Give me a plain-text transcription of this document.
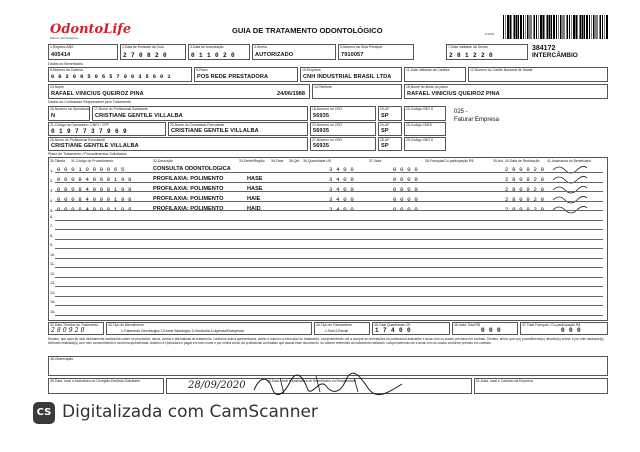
OdontoLife
Planos odontológicos
GUIA DE TRATAMENTO ODONTOLÓGICO	2-GTO
384172
INTERCÂMBIO
1-Registro ANS
405414
2-Data de Emissão da Guia
2 7 0 8 2 0
3-Data de Autorização
0 1 1 0 2 0
4-Senha
AUTORIZADO
5-Número da Guia Principal
7910057
7-Data Validade da Senha
2 8 1 2 2 0
Dados do Beneficiário
8-Número da Carteira
0 0 2 0 0 5 0 6 5 7 0 0 3 5 6 0 1
9-Plano
POS REDE PRESTADORA
10-Empresa
CNH INDUSTRIAL BRASIL LTDA
11-Data Validade da Carteira	12-Número do Cartão Nacional de Saúde
13-Nome
RAFAEL VINICIUS QUEIROZ PINA	24/06/1988
14-Telefone	15-Nome do titular do plano
RAFAEL VINICIUS QUEIROZ PINA
Dados do Contratado Responsável pelo Tratamento
16-Número na Operadora
N
17-Nome do Profissional Solicitante
CRISTIANE GENTILE VILLALBA
18-Número no CRO
56935
19-UF
SP
20-Código CBO S	025 -
Faturar Empresa
21-Código na Operadora / CNPJ / CPF
0 1 9 7 7 3 7 9 6 9
22-Nome do Contratado Executante
CRISTIANE GENTILE VILLALBA
23-Número no CRO
56935
24-UF
SP
25-Código CNES
26-Nome do Profissional Executante
CRISTIANE GENTILE VILLALBA
27-Número no CRO
56935
28-UF
SP
29-Código CBO S
Plano de Tratamento / Procedimentos Solicitados
30-Tabela 31-Código do Procedimento	32-Descrição	33-Dente/Região 34-Face 35-Qtd 36-Quantidade US	37-Valor	38-Franquia/Co-participação R$	39-Aut 40-Data de Realização 41-Assinatura do Beneficiário
1- 0 0 0 1 0 0 0 0 6 5	CONSULTA ODONTOLOGICA	3 4 0 0	0 0 0 0	2 8 0 9 2 0
2- 0 0 0 8 4 0 0 0 1 9 8	PROFILAXIA: POLIMENTO	HASE	3 4 0 0	0 0 0 0	2 8 0 9 2 0
3- 0 0 0 8 4 0 0 0 1 9 8	PROFILAXIA: POLIMENTO	HASE	3 4 0 0	0 0 0 0	2 8 0 9 2 0
4- 0 0 0 8 4 0 0 0 1 9 8	PROFILAXIA: POLIMENTO	HAIE	3 4 0 0	0 0 0 0	2 8 0 9 2 0
5- 0 0 0 8 4 0 0 0 1 9 8	PROFILAXIA: POLIMENTO	HAID	3 4 0 0	0 0 0 0	2 8 0 9 2 0
6-
7-
8-
9-
10-
11-
12-
13-
14-
15-
16-
42-Data Término do Tratamento
2 8 0 9 2 0
43-Tipo de Atendimento
1-Tratamento Odontológico 2-Exame Radiológico 3-Ortodontia 4-Urgência/Emergência
44-Tipo de Faturamento
1-Total 2-Parcial
45-Total Quantidade US
1 7 4 0 0
46-Valor Total R$
0 0 0
47-Total Franquia / Co-participação R$
0 0 0
Declaro, que após ter sido devidamente esclarecido sobre os propósitos, riscos, custos e alternativas de tratamento, conforme acima apresentados, aceito e autorizo a execução do tratamento, comprometendo-me a cumprir as orientações do profissional assistente e arcar com os custos previstos em contrato. Declaro, ainda, que o(s) procedimento(s) descrito(s) acima, e por mim assinado(s), foi/foram realizado(s) com meu consentimento e da forma apresentada. Autorizo a Operadora e pagar em meu nome e por minha conta, ao profissional contratado que assina esse documento, os valores referentes ao tratamento realizado, comprometendo-me a arcar com os custos conforme previsto em contrato.
48-Observação
49-Data, local e Assinatura do Cirurgião-Dentista Solicitante	50-Data, local e Assinatura do Beneficiário ou Responsável
28/09/2020	51-Data, local e Carimbo da Empresa
CS Digitalizada com CamScanner
